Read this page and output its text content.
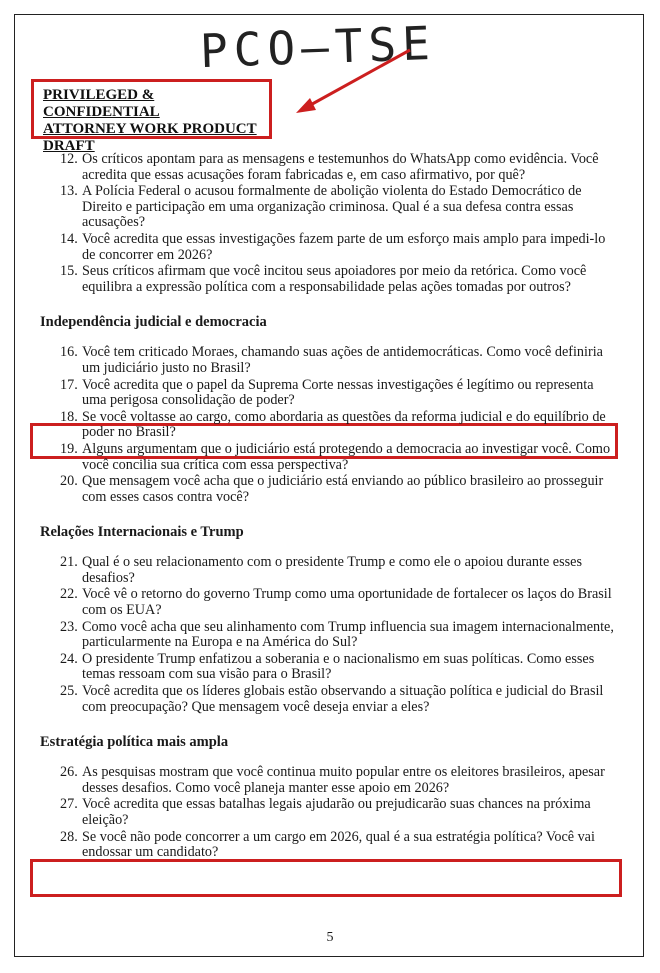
PCO—TSE
PRIVILEGED & CONFIDENTIAL
ATTORNEY WORK PRODUCT
DRAFT

12. Os críticos apontam para as mensagens e testemunhos do WhatsApp como evidência. Você acredita que essas acusações foram fabricadas e, em caso afirmativo, por quê?

13. A Polícia Federal o acusou formalmente de abolição violenta do Estado Democrático de Direito e participação em uma organização criminosa. Qual é a sua defesa contra essas acusações?

14. Você acredita que essas investigações fazem parte de um esforço mais amplo para impedi-lo de concorrer em 2026?

15. Seus críticos afirmam que você incitou seus apoiadores por meio da retórica. Como você equilibra a expressão política com a responsabilidade pelas ações tomadas por outros?

Independência judicial e democracia

16. Você tem criticado Moraes, chamando suas ações de antidemocráticas. Como você definiria um judiciário justo no Brasil?

17. Você acredita que o papel da Suprema Corte nessas investigações é legítimo ou representa uma perigosa consolidação de poder?

18. Se você voltasse ao cargo, como abordaria as questões da reforma judicial e do equilíbrio de poder no Brasil?

19. Alguns argumentam que o judiciário está protegendo a democracia ao investigar você. Como você concilia sua crítica com essa perspectiva?

20. Que mensagem você acha que o judiciário está enviando ao público brasileiro ao prosseguir com esses casos contra você?

Relações Internacionais e Trump

21. Qual é o seu relacionamento com o presidente Trump e como ele o apoiou durante esses desafios?

22. Você vê o retorno do governo Trump como uma oportunidade de fortalecer os laços do Brasil com os EUA?

23. Como você acha que seu alinhamento com Trump influencia sua imagem internacionalmente, particularmente na Europa e na América do Sul?

24. O presidente Trump enfatizou a soberania e o nacionalismo em suas políticas. Como esses temas ressoam com sua visão para o Brasil?

25. Você acredita que os líderes globais estão observando a situação política e judicial do Brasil com preocupação? Que mensagem você deseja enviar a eles?

Estratégia política mais ampla

26. As pesquisas mostram que você continua muito popular entre os eleitores brasileiros, apesar desses desafios. Como você planeja manter esse apoio em 2026?

27. Você acredita que essas batalhas legais ajudarão ou prejudicarão suas chances na próxima eleição?

28. Se você não pode concorrer a um cargo em 2026, qual é a sua estratégia política? Você vai endossar um candidato?

5
